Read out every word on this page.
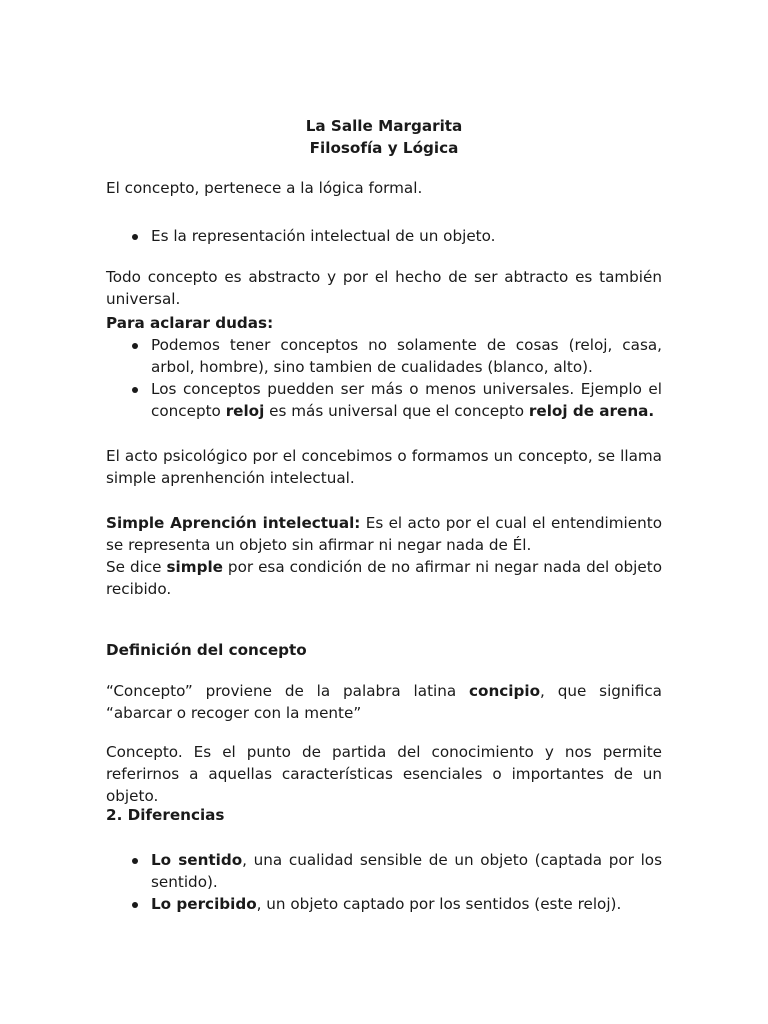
La Salle Margarita
Filosofía y Lógica

El concepto, pertenece a la lógica formal.

Es la representación intelectual de un objeto.

Todo concepto es abstracto y por el hecho de ser abtracto es también universal.

Para aclarar dudas:

Podemos tener conceptos no solamente de cosas (reloj, casa, arbol, hombre), sino tambien de cualidades (blanco, alto).
Los conceptos puedden ser más o menos universales. Ejemplo el concepto reloj es más universal que el concepto reloj de arena.

El acto psicológico por el concebimos o formamos un concepto, se llama simple aprenhención intelectual.

Simple Aprención intelectual: Es el acto por el cual el entendimiento se representa un objeto sin afirmar ni negar nada de Él.
Se dice simple por esa condición de no afirmar ni negar nada del objeto recibido.

Definición del concepto

“Concepto” proviene de la palabra latina concipio, que significa “abarcar o recoger con la mente”

Concepto. Es el punto de partida del conocimiento y nos permite referirnos a aquellas características esenciales o importantes de un objeto.

2. Diferencias

Lo sentido, una cualidad sensible de un objeto (captada por los sentido).
Lo percibido, un objeto captado por los sentidos (este reloj).
